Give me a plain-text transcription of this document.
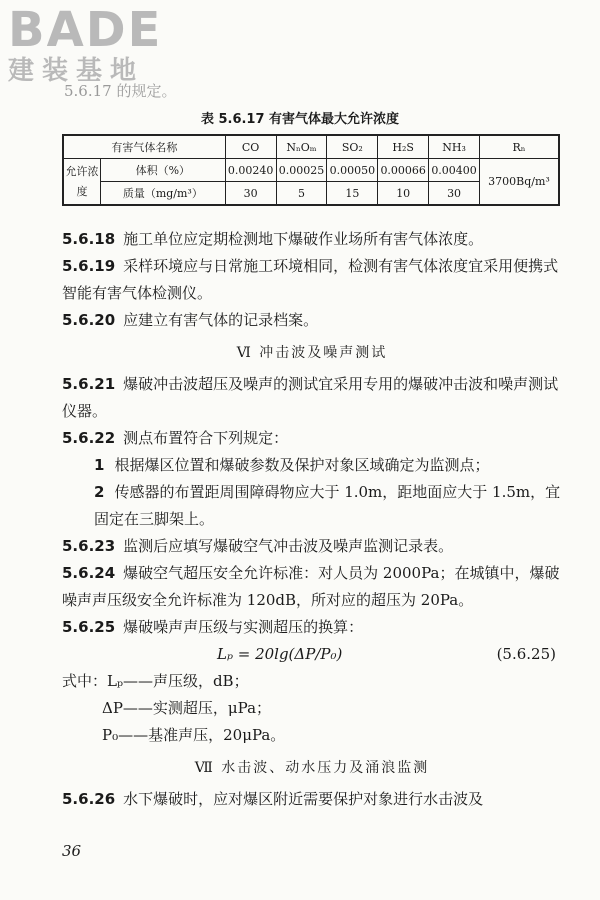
BADE
建装基地
5.6.17 的规定。
表 5.6.17 有害气体最大允许浓度
有害气体名称		CO	NₙOₘ	SO₂	H₂S	NH₃	Rₙ
允许浓度	体积（%）	0.00240	0.00025	0.00050	0.00066	0.00400	3700Bq/m³
	质量（mg/m³）	30	5	15	10	30	

5.6.18 施工单位应定期检测地下爆破作业场所有害气体浓度。

5.6.19 采样环境应与日常施工环境相同，检测有害气体浓度宜采用便携式智能有害气体检测仪。

5.6.20 应建立有害气体的记录档案。

Ⅵ 冲击波及噪声测试

5.6.21 爆破冲击波超压及噪声的测试宜采用专用的爆破冲击波和噪声测试仪器。

5.6.22 测点布置符合下列规定：

1 根据爆区位置和爆破参数及保护对象区域确定为监测点；

2 传感器的布置距周围障碍物应大于 1.0m，距地面应大于 1.5m，宜固定在三脚架上。

5.6.23 监测后应填写爆破空气冲击波及噪声监测记录表。

5.6.24 爆破空气超压安全允许标准：对人员为 2000Pa；在城镇中，爆破噪声声压级安全允许标准为 120dB，所对应的超压为 20Pa。

5.6.25 爆破噪声声压级与实测超压的换算：

Lₚ = 20lg(ΔP/P₀)	(5.6.25)

式中：Lₚ——声压级，dB；

ΔP——实测超压，μPa；

P₀——基准声压，20μPa。

Ⅶ 水击波、动水压力及涌浪监测

5.6.26 水下爆破时，应对爆区附近需要保护对象进行水击波及

36
